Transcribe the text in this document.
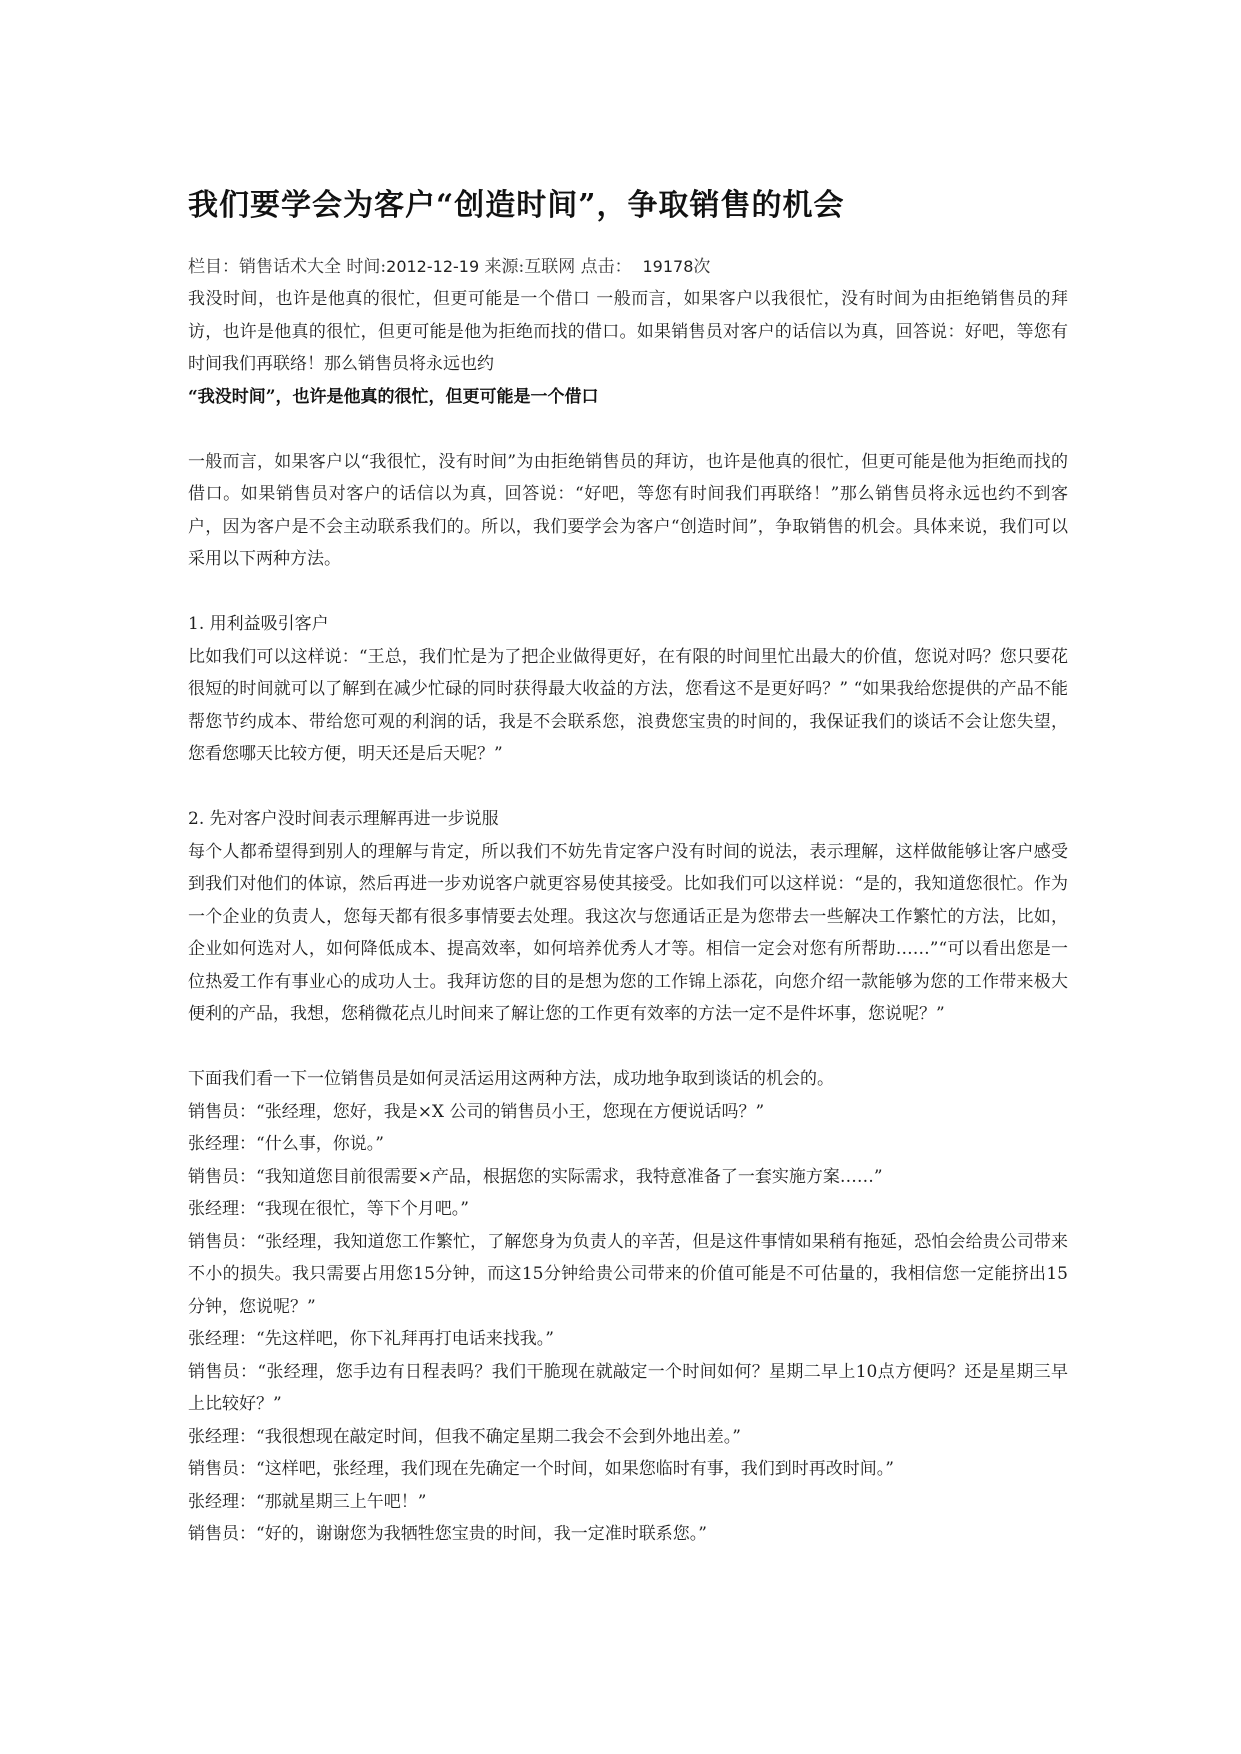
我们要学会为客户“创造时间”，争取销售的机会
栏目：销售话术大全 时间:2012-12-19 来源:互联网 点击： 19178次

我没时间，也许是他真的很忙，但更可能是一个借口 一般而言，如果客户以我很忙，没有时间为由拒绝销售员的拜访，也许是他真的很忙，但更可能是他为拒绝而找的借口。如果销售员对客户的话信以为真，回答说：好吧，等您有时间我们再联络！那么销售员将永远也约

“我没时间”，也许是他真的很忙，但更可能是一个借口

一般而言，如果客户以“我很忙，没有时间”为由拒绝销售员的拜访，也许是他真的很忙，但更可能是他为拒绝而找的借口。如果销售员对客户的话信以为真，回答说：“好吧，等您有时间我们再联络！”那么销售员将永远也约不到客户，因为客户是不会主动联系我们的。所以，我们要学会为客户“创造时间”，争取销售的机会。具体来说，我们可以采用以下两种方法。

1. 用利益吸引客户

比如我们可以这样说：“王总，我们忙是为了把企业做得更好，在有限的时间里忙出最大的价值，您说对吗？您只要花很短的时间就可以了解到在减少忙碌的同时获得最大收益的方法，您看这不是更好吗？” “如果我给您提供的产品不能帮您节约成本、带给您可观的利润的话，我是不会联系您，浪费您宝贵的时间的，我保证我们的谈话不会让您失望，您看您哪天比较方便，明天还是后天呢？”

2. 先对客户没时间表示理解再进一步说服

每个人都希望得到别人的理解与肯定，所以我们不妨先肯定客户没有时间的说法，表示理解，这样做能够让客户感受到我们对他们的体谅，然后再进一步劝说客户就更容易使其接受。比如我们可以这样说：“是的，我知道您很忙。作为一个企业的负责人，您每天都有很多事情要去处理。我这次与您通话正是为您带去一些解决工作繁忙的方法，比如，企业如何选对人，如何降低成本、提高效率，如何培养优秀人才等。相信一定会对您有所帮助……”“可以看出您是一位热爱工作有事业心的成功人士。我拜访您的目的是想为您的工作锦上添花，向您介绍一款能够为您的工作带来极大便利的产品，我想，您稍微花点儿时间来了解让您的工作更有效率的方法一定不是件坏事，您说呢？”

下面我们看一下一位销售员是如何灵活运用这两种方法，成功地争取到谈话的机会的。

销售员：“张经理，您好，我是×X 公司的销售员小王，您现在方便说话吗？”

张经理：“什么事，你说。”

销售员：“我知道您目前很需要×产品，根据您的实际需求，我特意准备了一套实施方案……”

张经理：“我现在很忙，等下个月吧。”

销售员：“张经理，我知道您工作繁忙，了解您身为负责人的辛苦，但是这件事情如果稍有拖延，恐怕会给贵公司带来不小的损失。我只需要占用您15分钟，而这15分钟给贵公司带来的价值可能是不可估量的，我相信您一定能挤出15分钟，您说呢？”

张经理：“先这样吧，你下礼拜再打电话来找我。”

销售员：“张经理，您手边有日程表吗？我们干脆现在就敲定一个时间如何？星期二早上10点方便吗？还是星期三早上比较好？”

张经理：“我很想现在敲定时间，但我不确定星期二我会不会到外地出差。”

销售员：“这样吧，张经理，我们现在先确定一个时间，如果您临时有事，我们到时再改时间。”

张经理：“那就星期三上午吧！”

销售员：“好的，谢谢您为我牺牲您宝贵的时间，我一定准时联系您。”
